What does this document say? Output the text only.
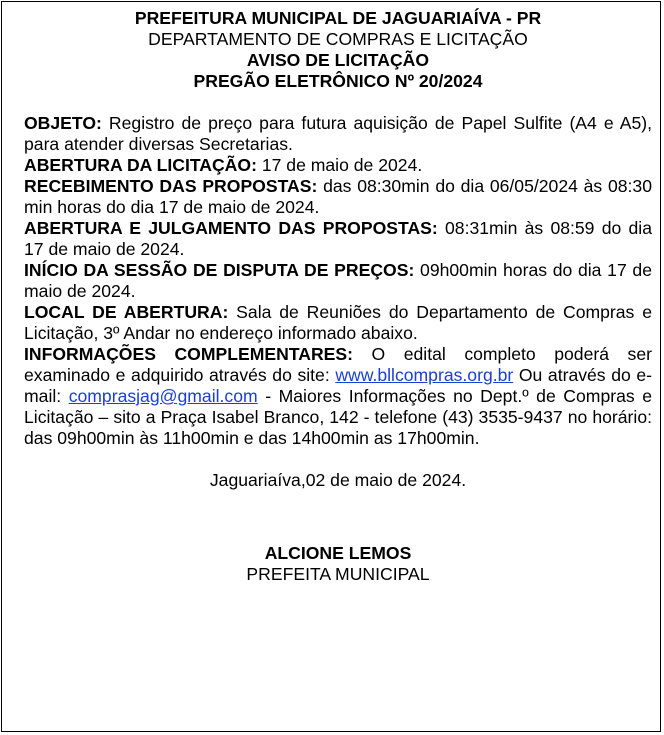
PREFEITURA MUNICIPAL DE JAGUARIAÍVA - PR

DEPARTAMENTO DE COMPRAS E LICITAÇÃO

AVISO DE LICITAÇÃO

PREGÃO ELETRÔNICO Nº 20/2024

OBJETO: Registro de preço para futura aquisição de Papel Sulfite (A4 e A5), para atender diversas Secretarias.

ABERTURA DA LICITAÇÃO: 17 de maio de 2024.

RECEBIMENTO DAS PROPOSTAS: das 08:30min do dia 06/05/2024 às 08:30 min horas do dia 17 de maio de 2024.

ABERTURA E JULGAMENTO DAS PROPOSTAS: 08:31min às 08:59 do dia 17 de maio de 2024.

INÍCIO DA SESSÃO DE DISPUTA DE PREÇOS: 09h00min horas do dia 17 de maio de 2024.

LOCAL DE ABERTURA: Sala de Reuniões do Departamento de Compras e Licitação, 3º Andar no endereço informado abaixo.

INFORMAÇÕES COMPLEMENTARES: O edital completo poderá ser examinado e adquirido através do site: www.bllcompras.org.br Ou através do e-mail: comprasjag@gmail.com - Maiores Informações no Dept.º de Compras e Licitação – sito a Praça Isabel Branco, 142 - telefone (43) 3535-9437 no horário: das 09h00min às 11h00min e das 14h00min as 17h00min.

Jaguariaíva,02 de maio de 2024.

ALCIONE LEMOS

PREFEITA MUNICIPAL
